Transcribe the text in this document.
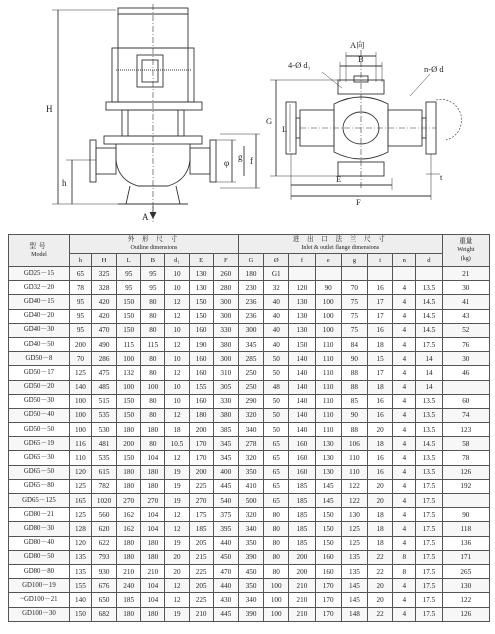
H
h
A
φ
g f
A向
B
4-Ø d₁	n-Ø d
G
L
E
F
t
型号
Model	外 形 尺 寸
Outline dimensions							进 出 口 法 兰 尺 寸
Inlet & outlet flange dimensions								重量
Weight
(kg)

	h	H	L	B	d₁	E	F	G	Ø	f	e	g	t	n	d	
GD25－15	65	325	95	95	10	130	260	180	G1							21
GD32－20	78	328	95	95	10	130	280	230	32	120	90	70	16	4	13.5	30
GD40－15	95	420	150	80	12	150	300	236	40	130	100	75	17	4	14.5	41
GD40－20	95	420	150	80	12	150	300	236	40	130	100	75	17	4	14.5	43
GD40－30	95	470	150	80	10	160	330	300	40	130	100	75	16	4	14.5	52
GD40－50	200	490	115	115	12	190	380	345	40	150	110	84	18	4	17.5	76
GD50－8	70	286	100	80	10	160	300	285	50	140	110	90	15	4	14	30
GD50－17	125	475	132	80	12	160	310	250	50	140	110	88	17	4	14	46
GD50－20	140	485	100	100	10	155	305	250	48	140	110	88	18	4	14	
GD50－30	100	515	150	80	10	160	330	290	50	140	110	85	16	4	13.5	60
GD50－40	100	535	150	80	12	180	380	320	50	140	110	90	16	4	13.5	74
GD50－50	100	530	180	180	18	200	385	340	50	140	110	88	20	4	13.5	123
GD65－19	116	481	200	80	10.5	170	345	278	65	160	130	106	18	4	14.5	58
GD65－30	110	535	150	104	12	170	345	320	65	160	130	110	16	4	13.5	78
GD65－50	120	615	180	180	19	200	400	350	65	160	130	110	16	4	13.5	126
GD65－80	125	782	180	180	19	225	445	410	65	185	145	122	20	4	17.5	192
GD65－125	165	1020	270	270	19	270	540	500	65	185	145	122	20	4	17.5	
GD80－21	125	560	162	104	12	175	375	320	80	185	150	130	18	4	17.5	90
GD80－30	128	620	162	104	12	185	395	340	80	185	150	125	18	4	17.5	118
GD80－40	120	622	180	180	19	205	440	350	80	185	150	125	18	4	17.5	136
GD80－50	135	793	180	180	20	215	450	390	80	200	160	135	22	8	17.5	171
GD80－80	135	930	210	210	20	225	470	450	80	200	160	135	22	8	17.5	265
GD100－19	155	676	240	104	12	205	440	350	100	210	170	145	20	4	17.5	130
~GD100－21	140	650	185	104	12	225	430	340	100	210	170	145	20	4	17.5	122
GD100－30	150	682	180	180	19	210	445	390	100	210	170	148	22	4	17.5	126
